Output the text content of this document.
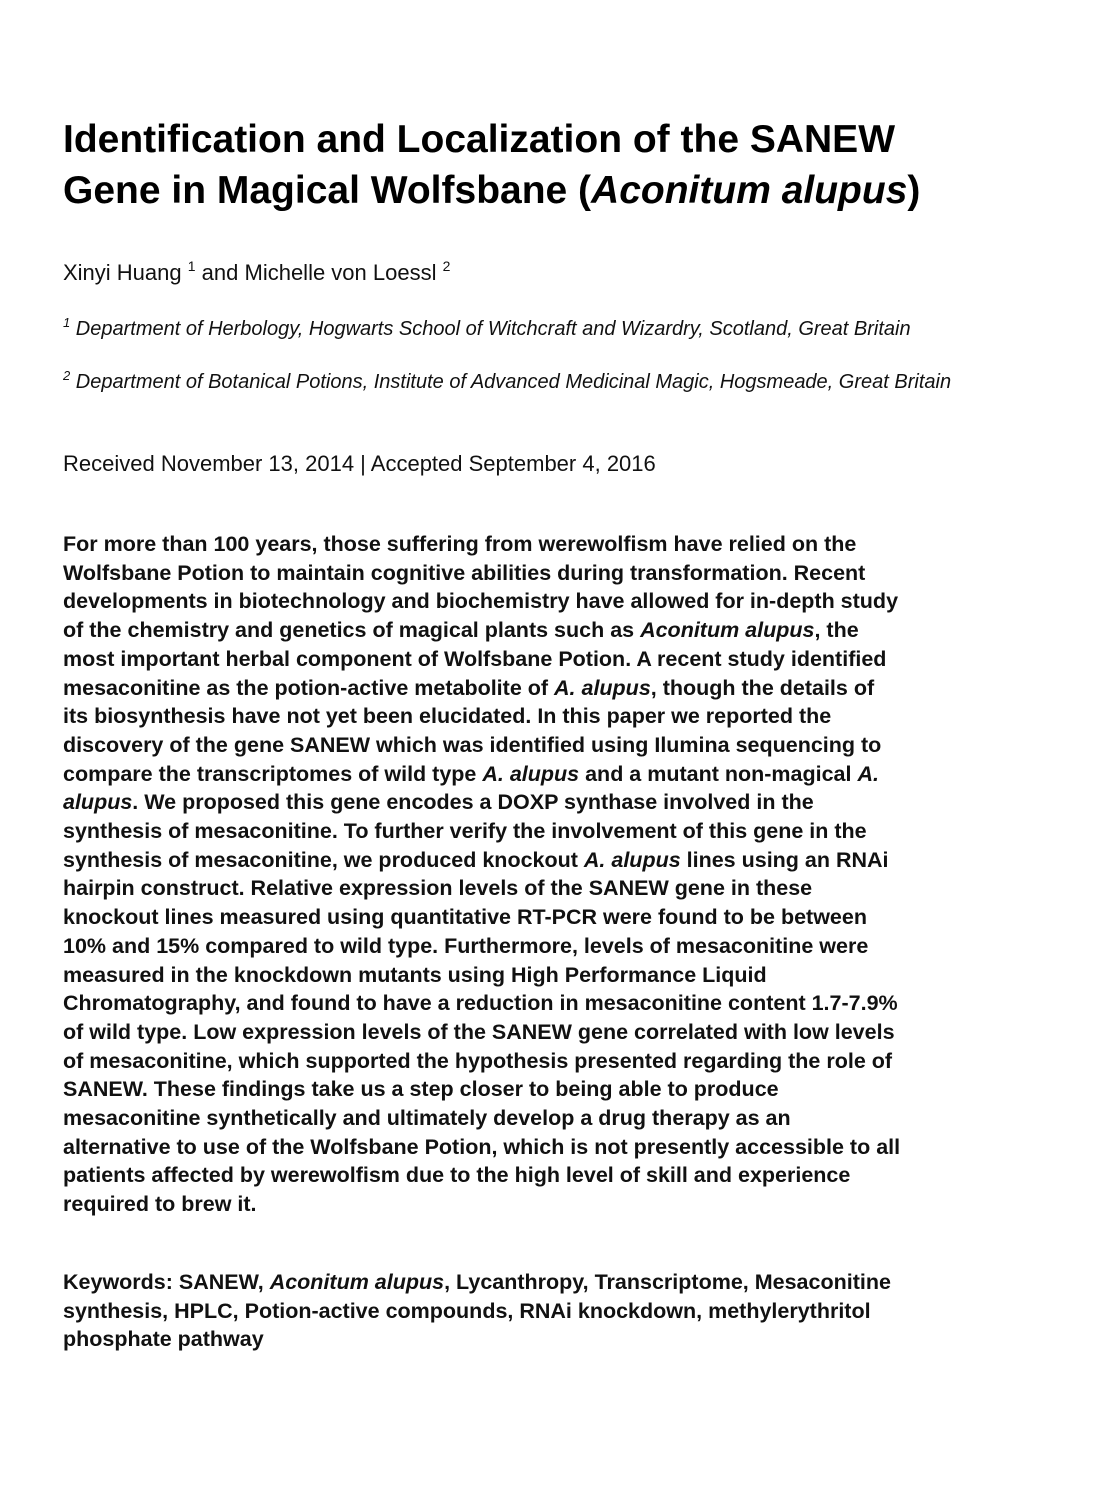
Identification and Localization of the SANEW
Gene in Magical Wolfsbane (Aconitum alupus)
Xinyi Huang $^1$ and Michelle von Loessl $^2$
$^1$ Department of Herbology, Hogwarts School of Witchcraft and Wizardry, Scotland, Great Britain
$^2$ Department of Botanical Potions, Institute of Advanced Medicinal Magic, Hogsmeade, Great Britain
Received November 13, 2014 | Accepted September 4, 2016

For more than 100 years, those suffering from werewolfism have relied on the
Wolfsbane Potion to maintain cognitive abilities during transformation. Recent
developments in biotechnology and biochemistry have allowed for in-depth study
of the chemistry and genetics of magical plants such as Aconitum alupus, the
most important herbal component of Wolfsbane Potion. A recent study identified
mesaconitine as the potion-active metabolite of A. alupus, though the details of
its biosynthesis have not yet been elucidated. In this paper we reported the
discovery of the gene SANEW which was identified using Ilumina sequencing to
compare the transcriptomes of wild type A. alupus and a mutant non-magical A.
alupus. We proposed this gene encodes a DOXP synthase involved in the
synthesis of mesaconitine. To further verify the involvement of this gene in the
synthesis of mesaconitine, we produced knockout A. alupus lines using an RNAi
hairpin construct. Relative expression levels of the SANEW gene in these
knockout lines measured using quantitative RT-PCR were found to be between
10% and 15% compared to wild type. Furthermore, levels of mesaconitine were
measured in the knockdown mutants using High Performance Liquid
Chromatography, and found to have a reduction in mesaconitine content 1.7-7.9%
of wild type. Low expression levels of the SANEW gene correlated with low levels
of mesaconitine, which supported the hypothesis presented regarding the role of
SANEW. These findings take us a step closer to being able to produce
mesaconitine synthetically and ultimately develop a drug therapy as an
alternative to use of the Wolfsbane Potion, which is not presently accessible to all
patients affected by werewolfism due to the high level of skill and experience
required to brew it.

Keywords: SANEW, Aconitum alupus, Lycanthropy, Transcriptome, Mesaconitine
synthesis, HPLC, Potion-active compounds, RNAi knockdown, methylerythritol
phosphate pathway
